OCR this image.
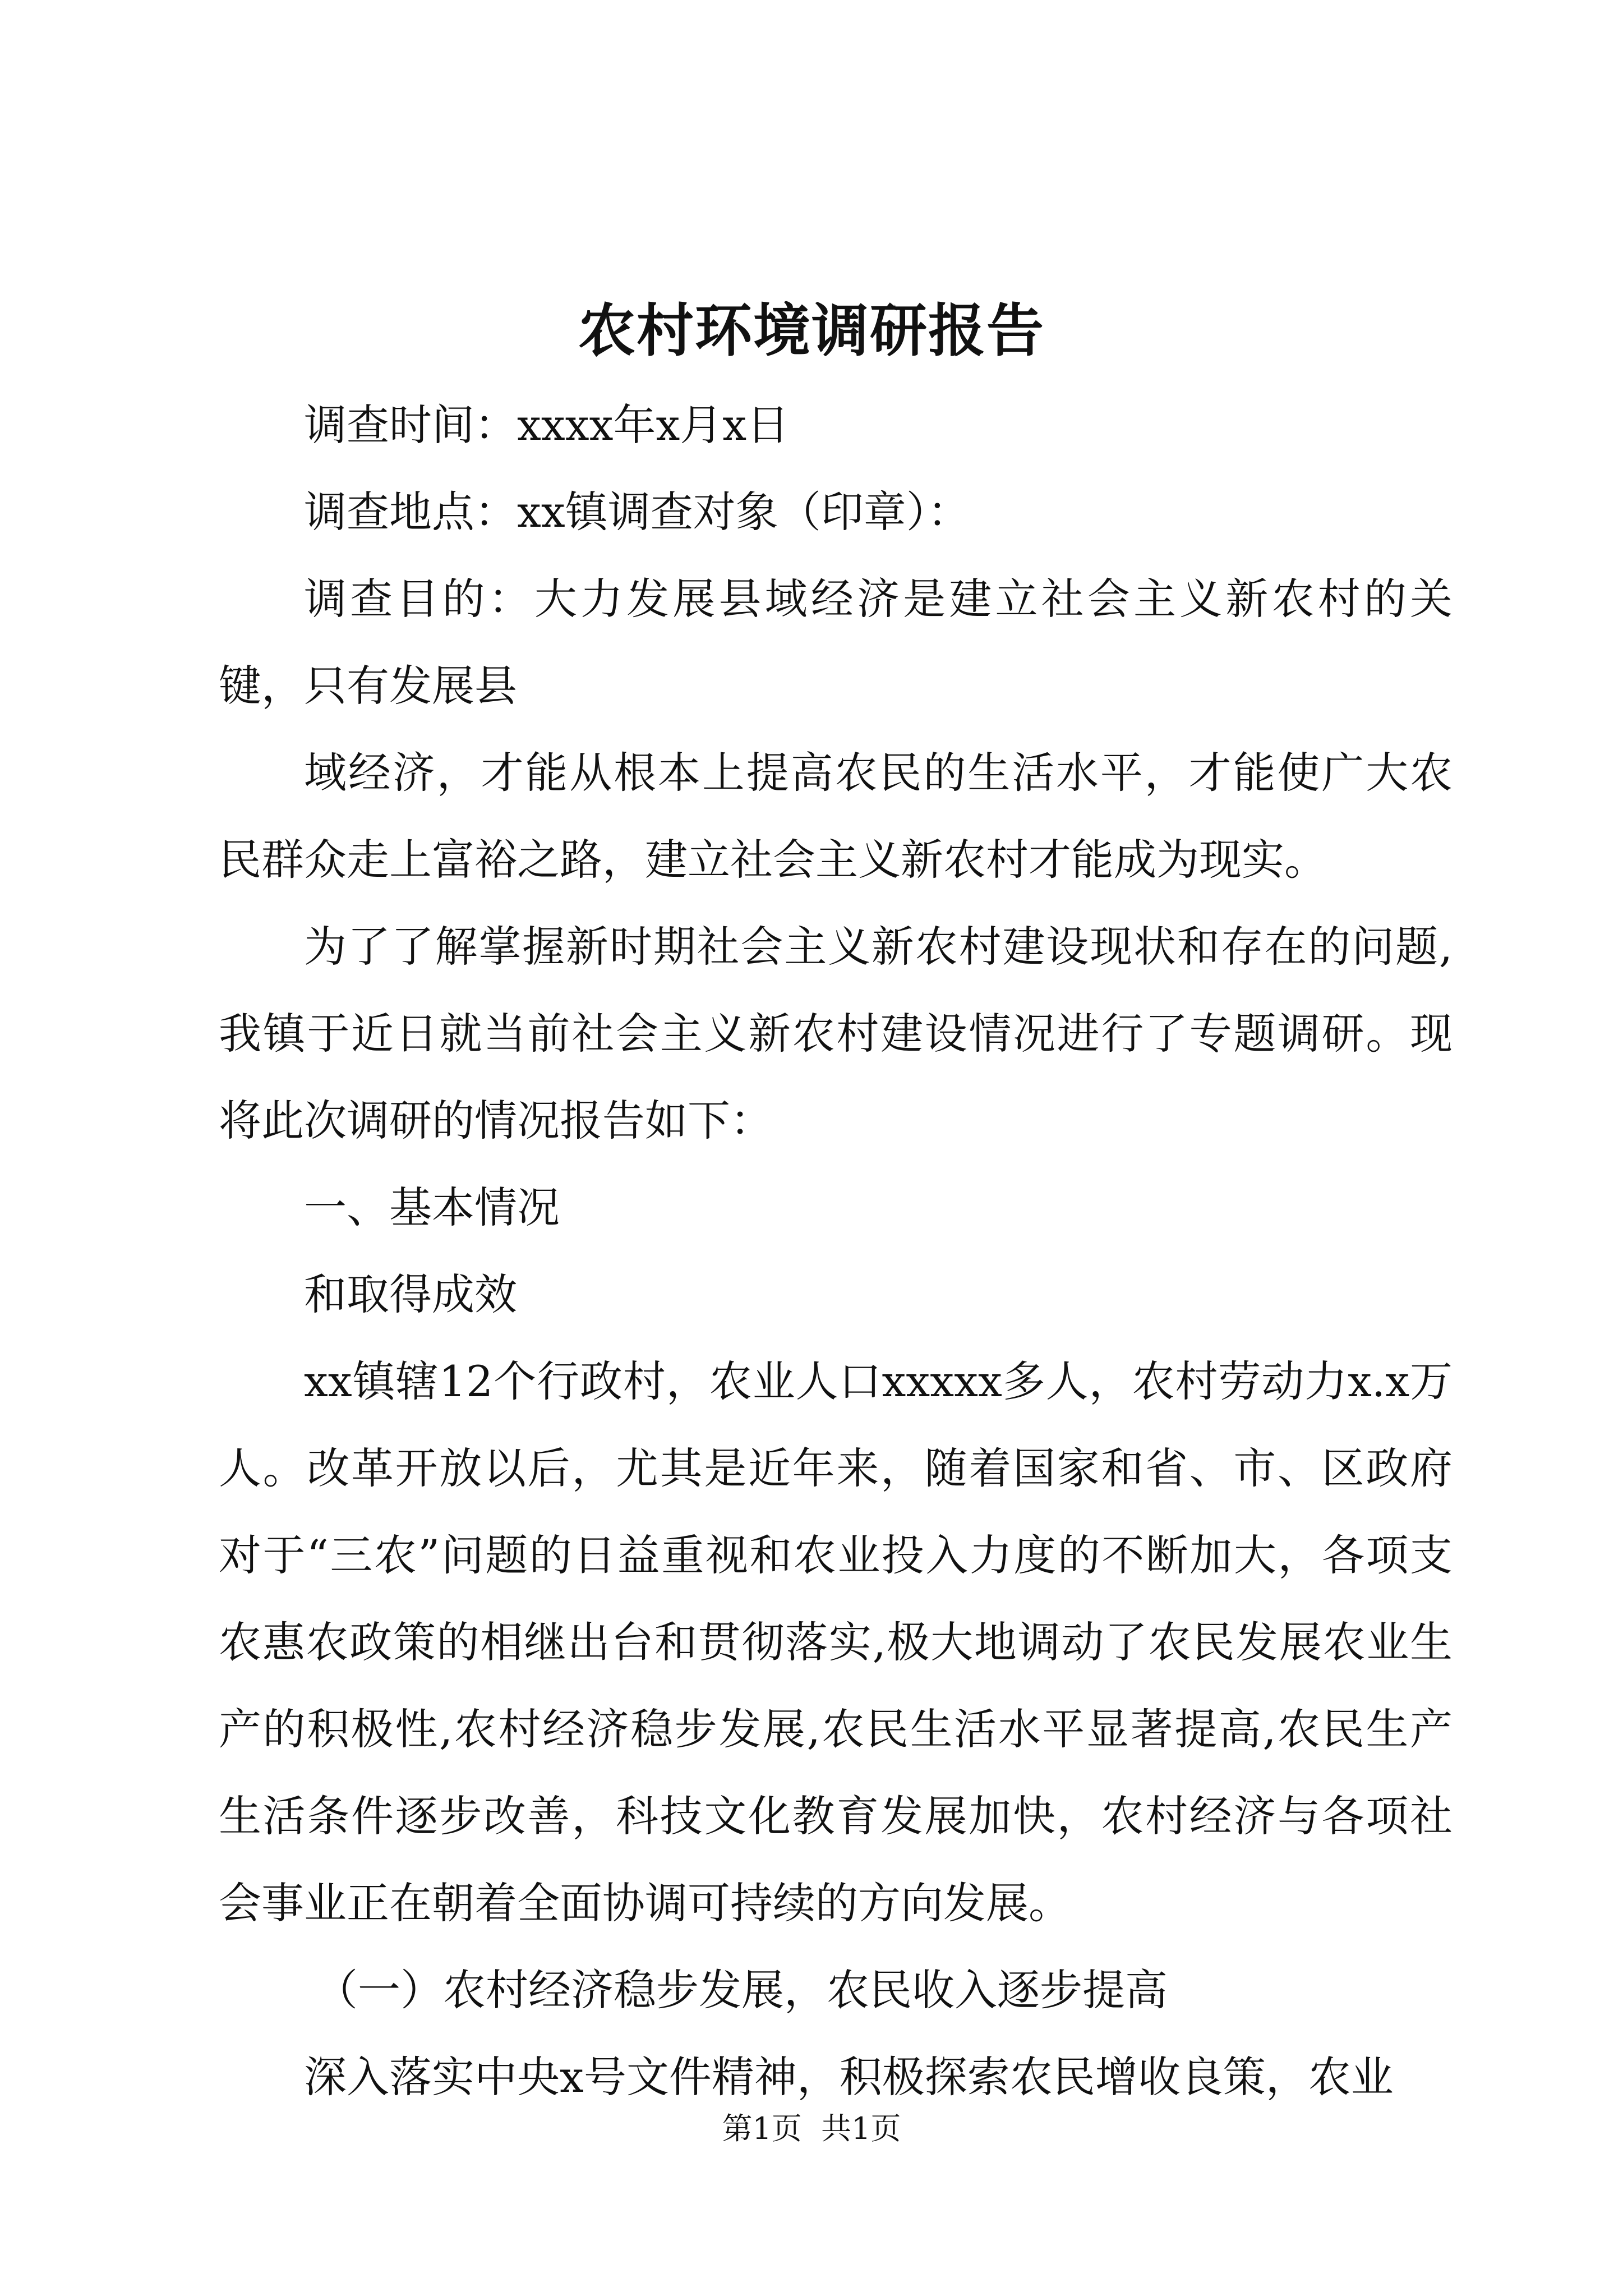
农村环境调研报告

调查时间：xxxx年x月x日

调查地点：xx镇调查对象（印章）：

调查目的：大力发展县域经济是建立社会主义新农村的关键，只有发展县

域经济，才能从根本上提高农民的生活水平，才能使广大农民群众走上富裕之路，建立社会主义新农村才能成为现实。

为了了解掌握新时期社会主义新农村建设现状和存在的问题,我镇于近日就当前社会主义新农村建设情况进行了专题调研。现将此次调研的情况报告如下：

一、基本情况

和取得成效

xx镇辖12个行政村，农业人口xxxxx多人，农村劳动力x.x万人。改革开放以后，尤其是近年来，随着国家和省、市、区政府对于“三农”问题的日益重视和农业投入力度的不断加大，各项支农惠农政策的相继出台和贯彻落实,极大地调动了农民发展农业生产的积极性,农村经济稳步发展,农民生活水平显著提高,农民生产生活条件逐步改善，科技文化教育发展加快，农村经济与各项社会事业正在朝着全面协调可持续的方向发展。

（一）农村经济稳步发展，农民收入逐步提高

深入落实中央x号文件精神，积极探索农民增收良策，农业

第1页  共1页
